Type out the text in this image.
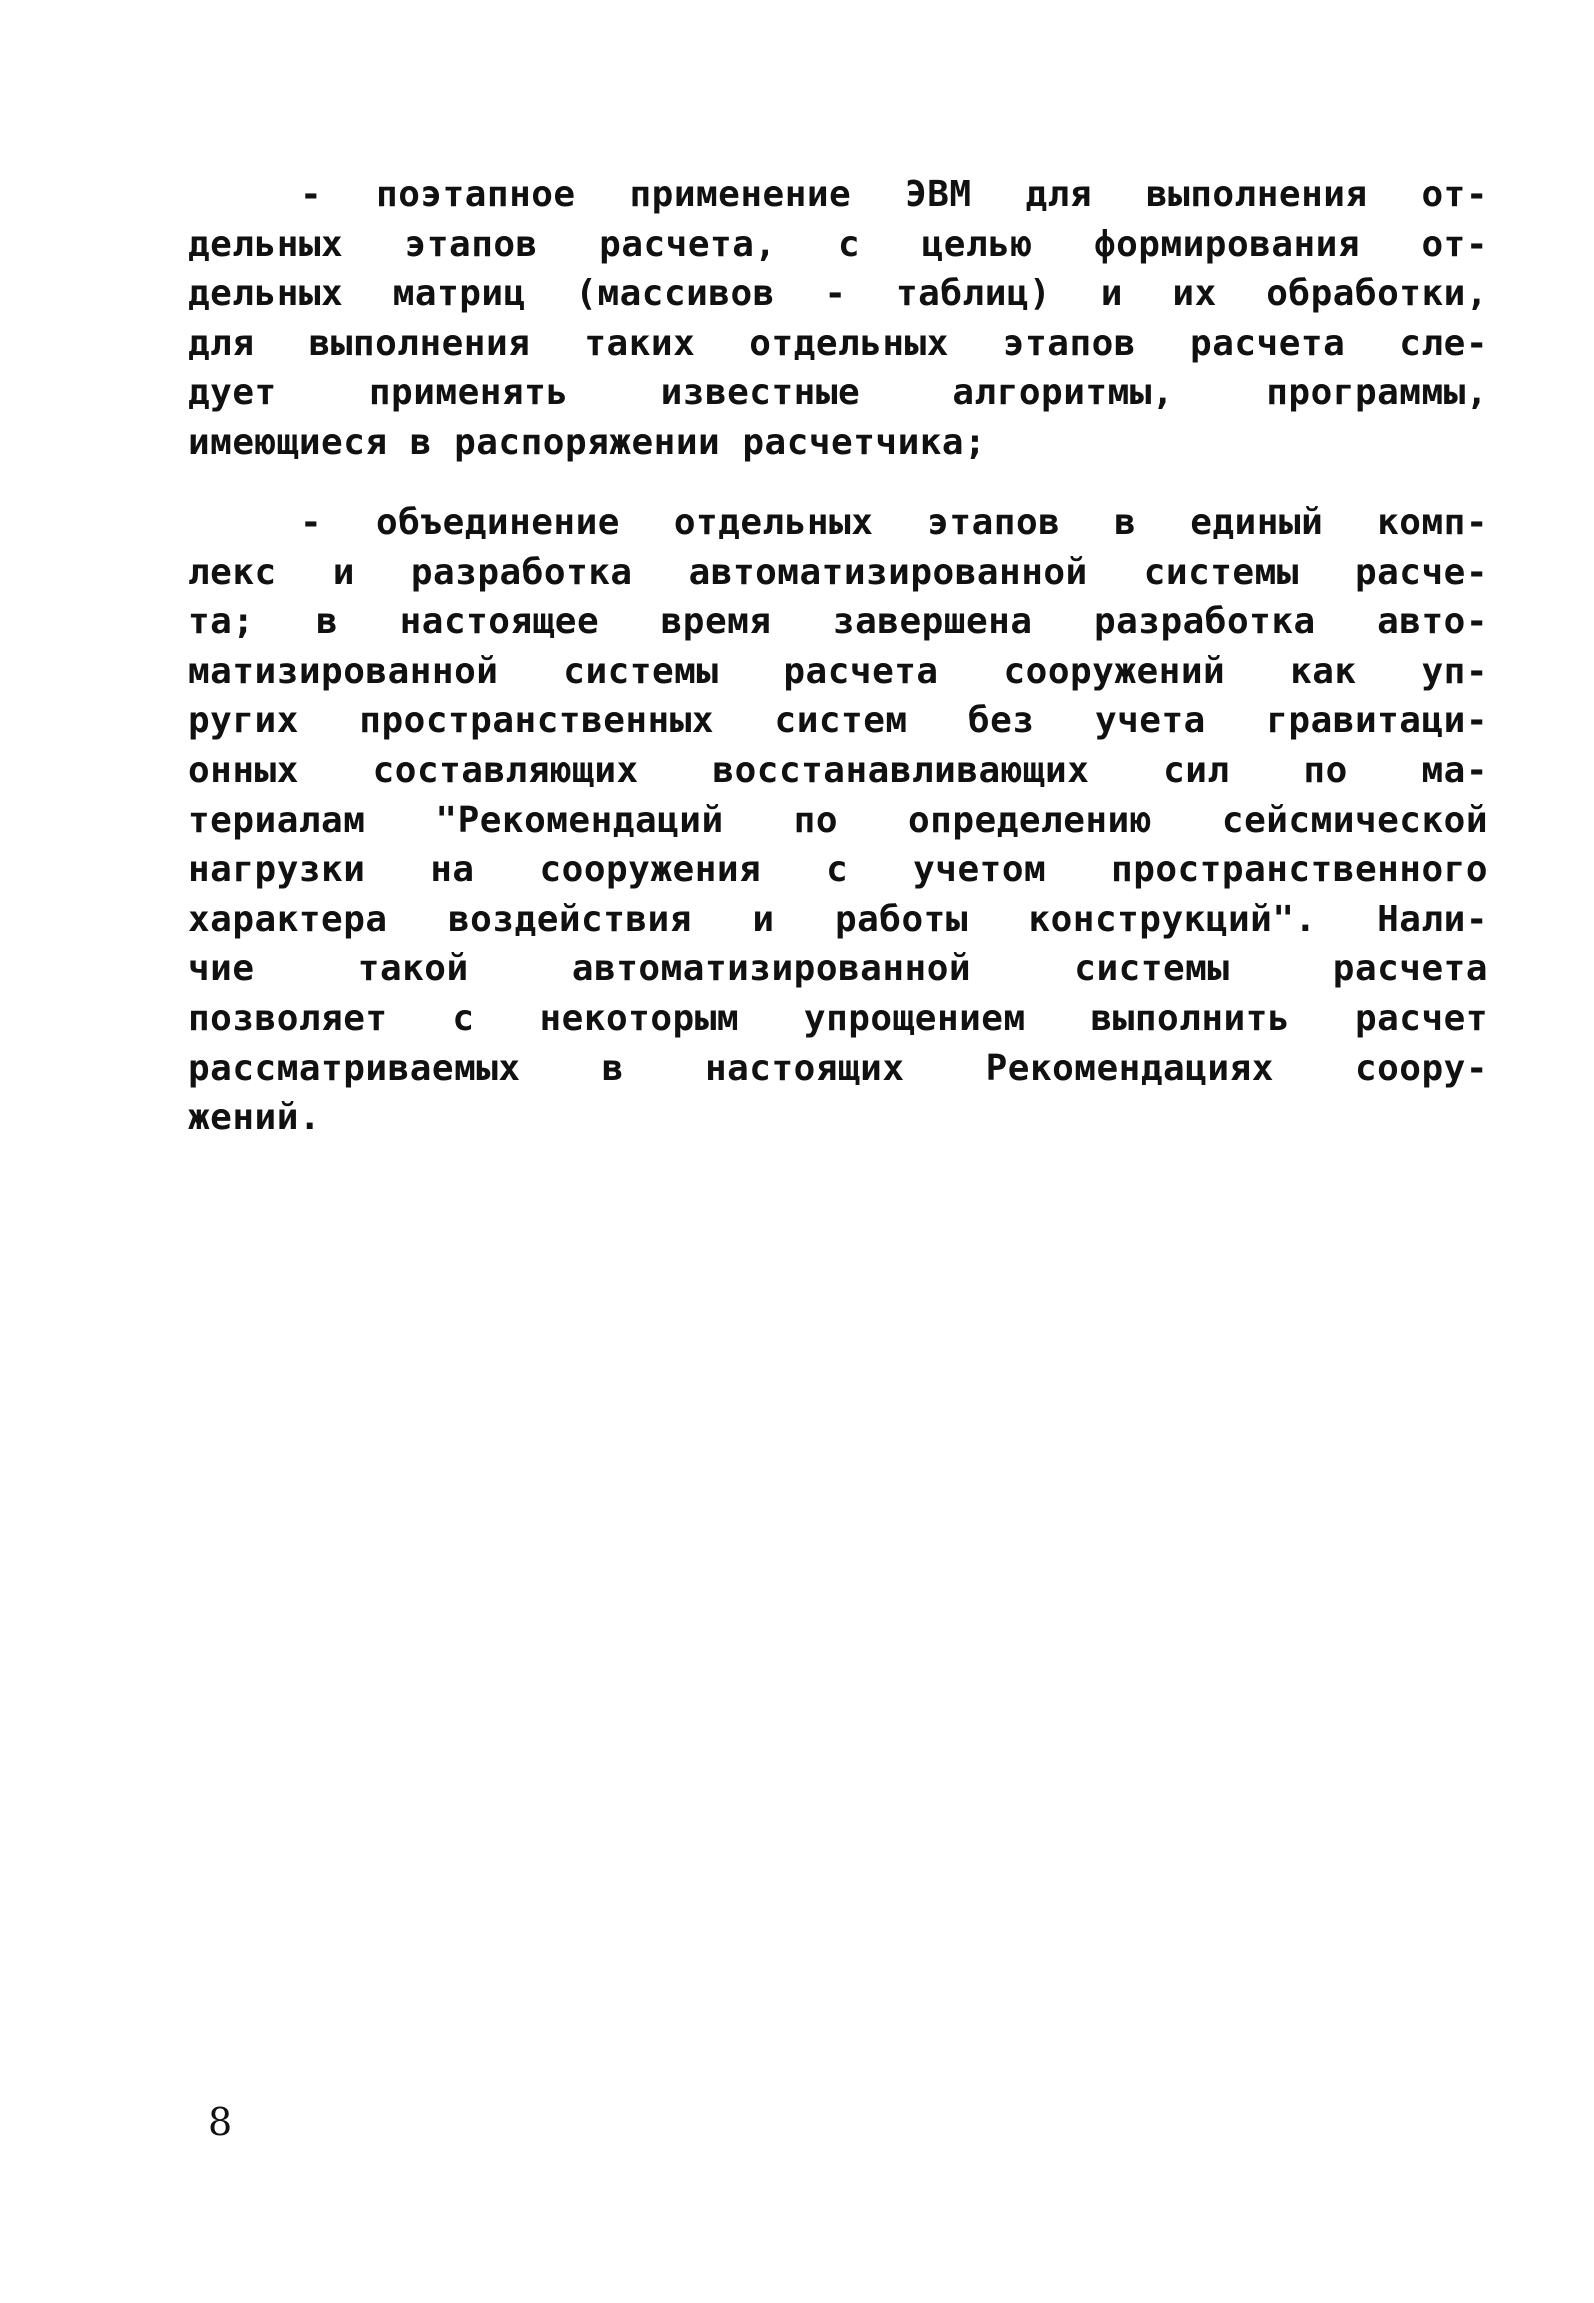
- поэтапное применение ЭВМ для выполнения от-
дельных этапов расчета, с целью формирования от-
дельных матриц (массивов - таблиц) и их обработки,
для выполнения таких отдельных этапов расчета сле-
дует применять известные алгоритмы, программы,
имеющиеся в распоряжении расчетчика;
- объединение отдельных этапов в единый комп-
лекс и разработка автоматизированной системы расче-
та; в настоящее время завершена разработка авто-
матизированной системы расчета сооружений как уп-
ругих пространственных систем без учета гравитаци-
онных составляющих восстанавливающих сил по ма-
териалам "Рекомендаций по определению сейсмической
нагрузки на сооружения с учетом пространственного
характера воздействия и работы конструкций". Нали-
чие такой автоматизированной системы расчета
позволяет с некоторым упрощением выполнить расчет
рассматриваемых в настоящих Рекомендациях соору-
жений.
8
